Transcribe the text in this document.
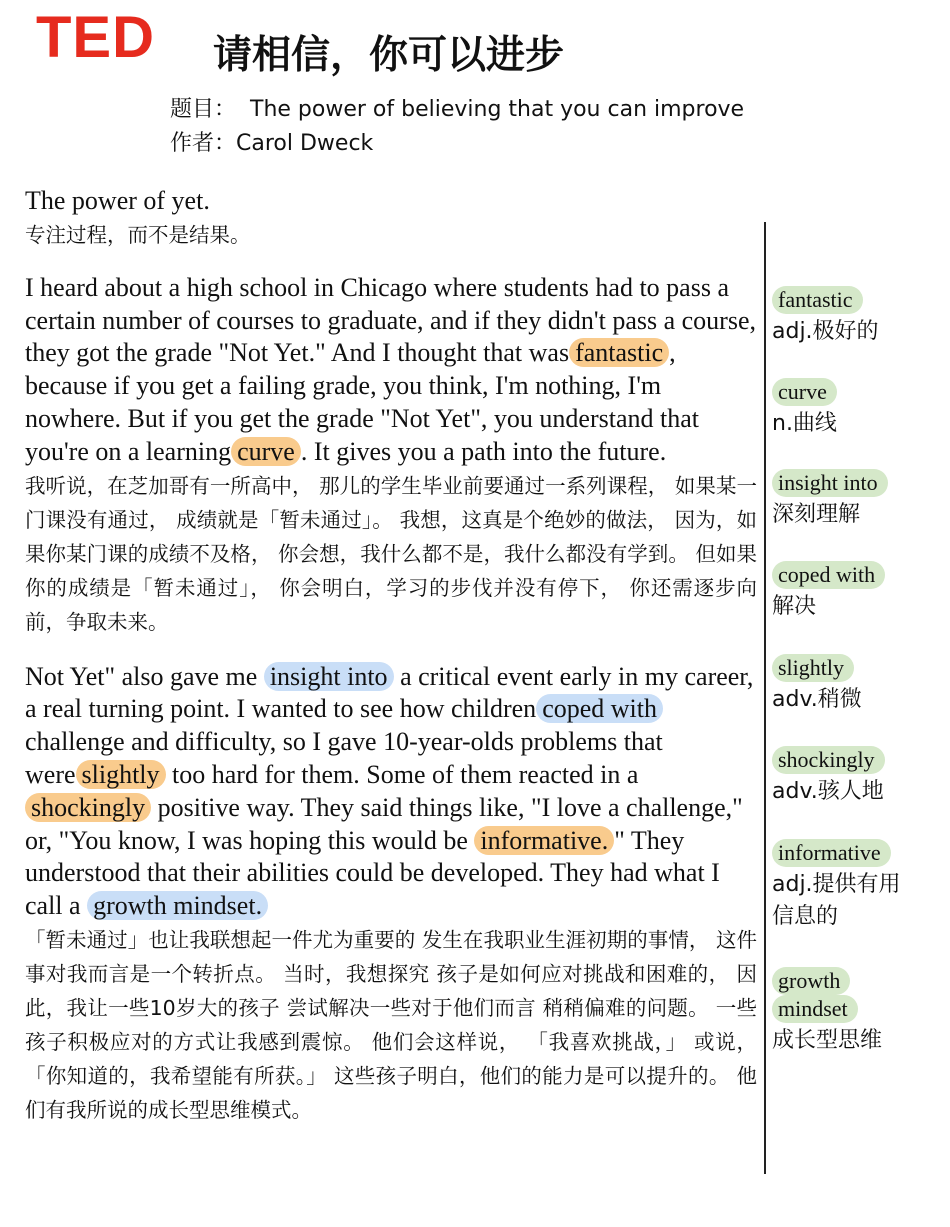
TED 请相信，你可以进步
题目： The power of believing that you can improve
作者：Carol Dweck

The power of yet.

专注过程，而不是结果。

I heard about a high school in Chicago where students had to pass a certain number of courses to graduate, and if they didn't pass a course, they got the grade "Not Yet." And I thought that was fantastic , because if you get a failing grade, you think, I'm nothing, I'm nowhere. But if you get the grade "Not Yet", you understand that you're on a learning curve . It gives you a path into the future.

我听说，在芝加哥有一所高中， 那儿的学生毕业前要通过一系列课程， 如果某一门课没有通过， 成绩就是「暂未通过」。 我想，这真是个绝妙的做法， 因为，如果你某门课的成绩不及格， 你会想，我什么都不是，我什么都没有学到。 但如果你的成绩是「暂未通过」， 你会明白，学习的步伐并没有停下， 你还需逐步向前，争取未来。

Not Yet" also gave me insight into a critical event early in my career, a real turning point. I wanted to see how children coped with challenge and difficulty, so I gave 10-year-olds problems that were slightly too hard for them. Some of them reacted in a shockingly positive way. They said things like, "I love a challenge," or, "You know, I was hoping this would be informative. " They understood that their abilities could be developed. They had what I call a growth mindset.

「暂未通过」也让我联想起一件尤为重要的 发生在我职业生涯初期的事情， 这件事对我而言是一个转折点。 当时，我想探究 孩子是如何应对挑战和困难的， 因此，我让一些10岁大的孩子 尝试解决一些对于他们而言 稍稍偏难的问题。 一些孩子积极应对的方式让我感到震惊。 他们会这样说， 「我喜欢挑战，」 或说， 「你知道的，我希望能有所获。」 这些孩子明白，他们的能力是可以提升的。 他们有我所说的成长型思维模式。

fantastic
adj.极好的
curve
n.曲线
insight into
深刻理解
coped with
解决
slightly
adv.稍微
shockingly
adv.骇人地
informative
adj.提供有用
信息的
growth
mindset
成长型思维
